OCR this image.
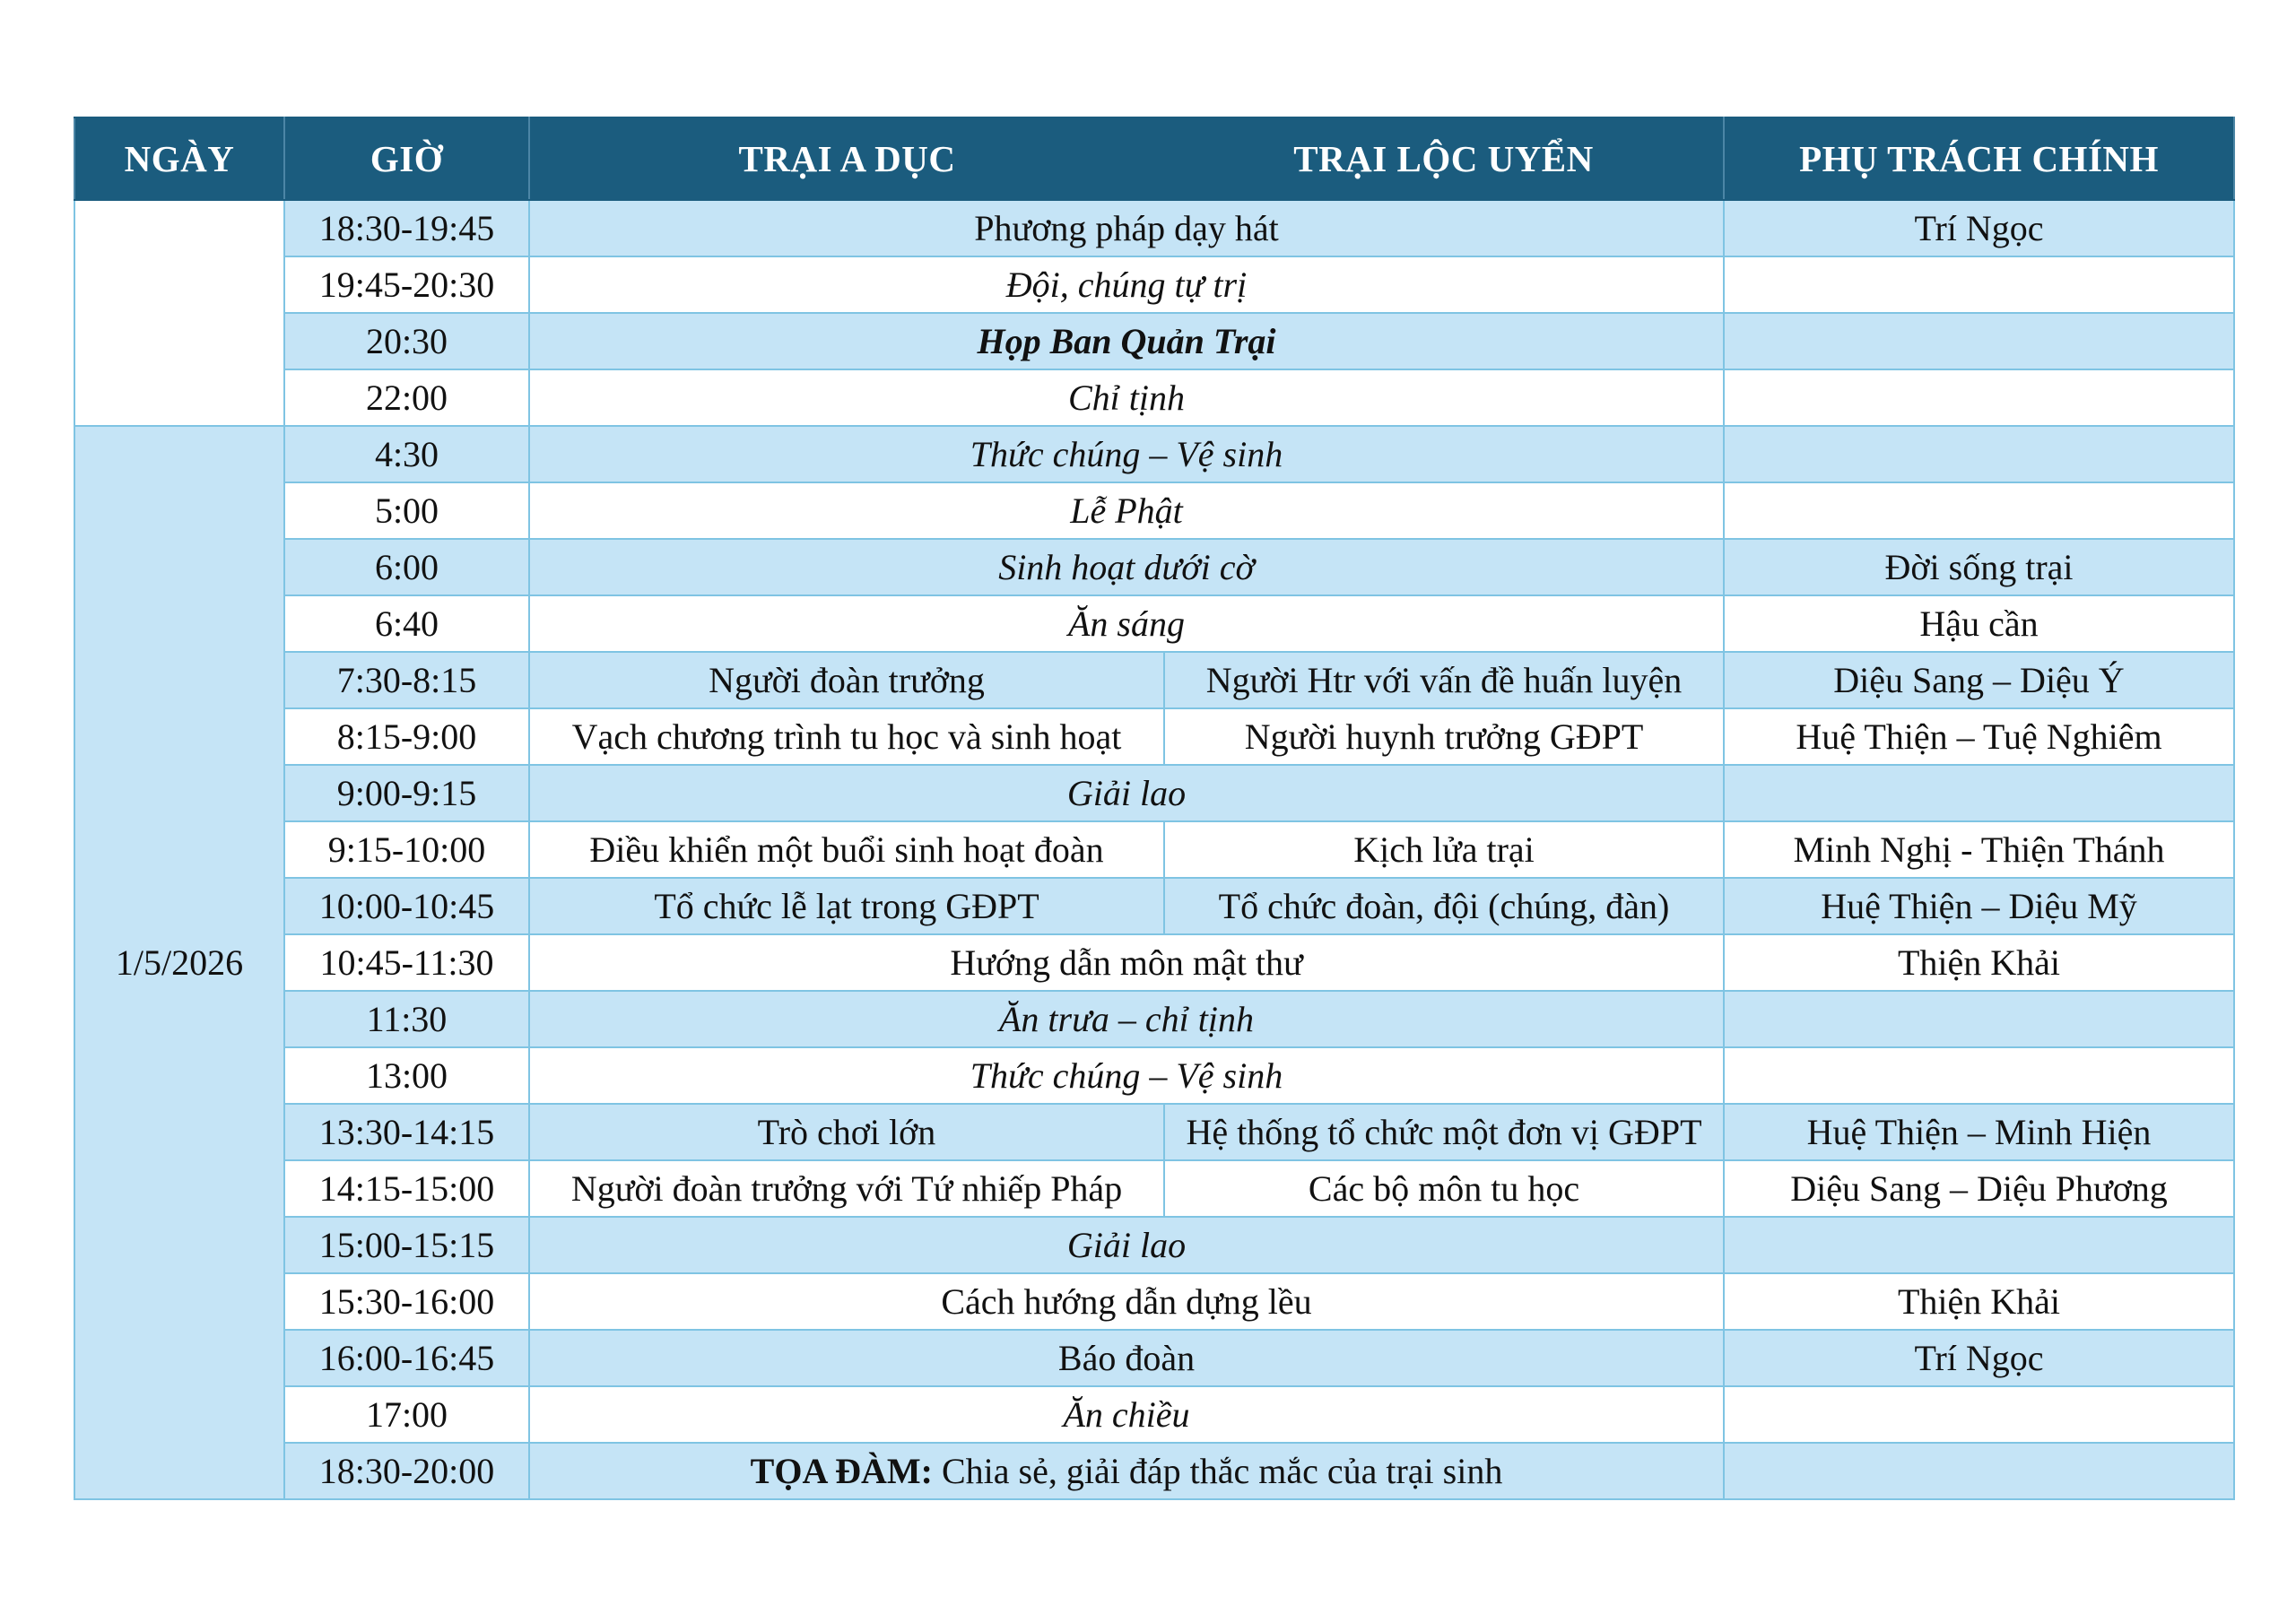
NGÀY	GIỜ	TRẠI A DỤC	TRẠI LỘC UYỂN	PHỤ TRÁCH CHÍNH
	18:30-19:45	Phương pháp dạy hát		Trí Ngọc
	19:45-20:30	Đội, chúng tự trị		
	20:30	Họp Ban Quản Trại		
	22:00	Chỉ tịnh		
1/5/2026	4:30	Thức chúng – Vệ sinh		
	5:00	Lễ Phật		
	6:00	Sinh hoạt dưới cờ		Đời sống trại
	6:40	Ăn sáng		Hậu cần
	7:30-8:15	Người đoàn trưởng	Người Htr với vấn đề huấn luyện	Diệu Sang – Diệu Ý
	8:15-9:00	Vạch chương trình tu học và sinh hoạt	Người huynh trưởng GĐPT	Huệ Thiện – Tuệ Nghiêm
	9:00-9:15	Giải lao		
	9:15-10:00	Điều khiển một buổi sinh hoạt đoàn	Kịch lửa trại	Minh Nghị - Thiện Thánh
	10:00-10:45	Tổ chức lễ lạt trong GĐPT	Tổ chức đoàn, đội (chúng, đàn)	Huệ Thiện – Diệu Mỹ
	10:45-11:30	Hướng dẫn môn mật thư		Thiện Khải
	11:30	Ăn trưa – chỉ tịnh		
	13:00	Thức chúng – Vệ sinh		
	13:30-14:15	Trò chơi lớn	Hệ thống tổ chức một đơn vị GĐPT	Huệ Thiện – Minh Hiện
	14:15-15:00	Người đoàn trưởng với Tứ nhiếp Pháp	Các bộ môn tu học	Diệu Sang – Diệu Phương
	15:00-15:15	Giải lao		
	15:30-16:00	Cách hướng dẫn dựng lều		Thiện Khải
	16:00-16:45	Báo đoàn		Trí Ngọc
	17:00	Ăn chiều		
	18:30-20:00	TỌA ĐÀM: Chia sẻ, giải đáp thắc mắc của trại sinh		
